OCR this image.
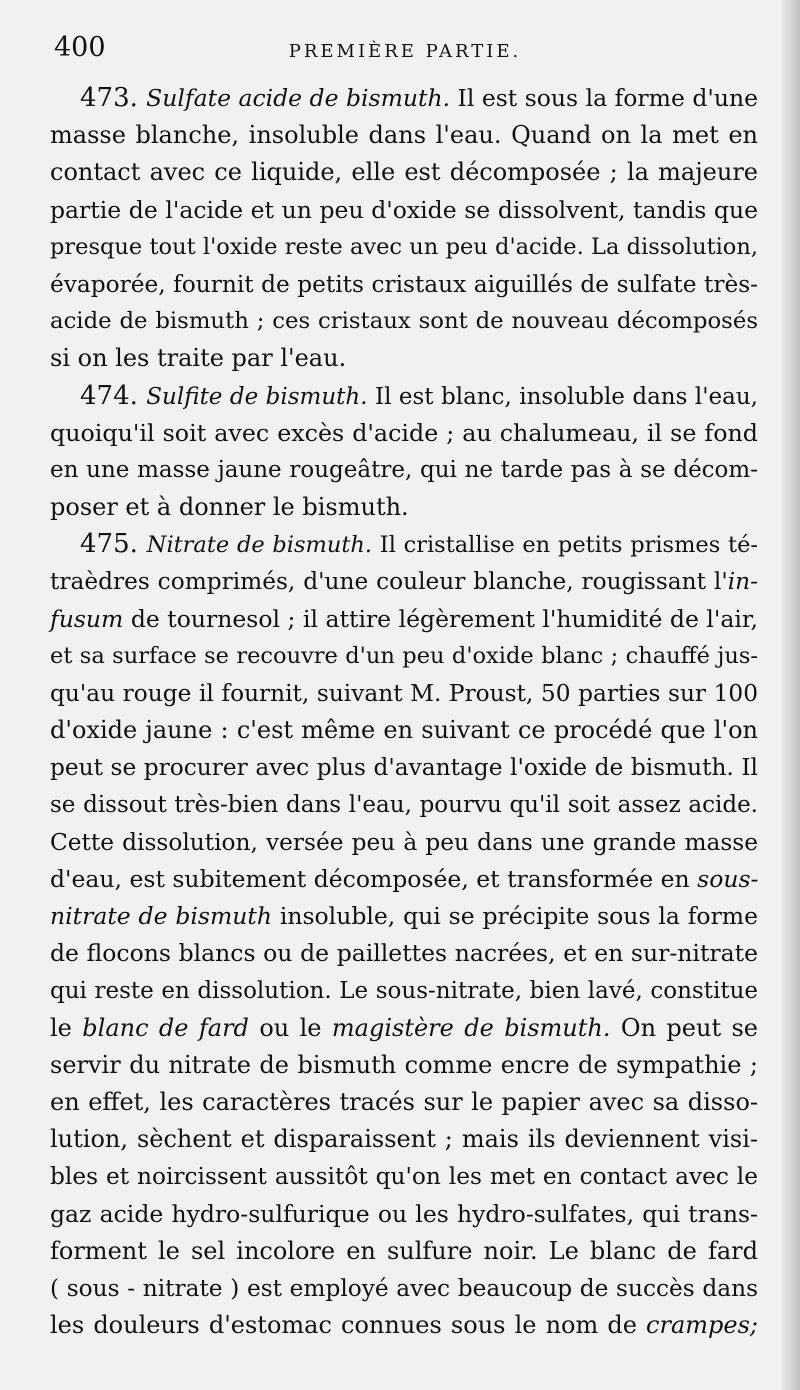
400	PREMIÈRE PARTIE.
473. Sulfate acide de bismuth. Il est sous la forme d'une
masse blanche, insoluble dans l'eau. Quand on la met en
contact avec ce liquide, elle est décomposée ; la majeure
partie de l'acide et un peu d'oxide se dissolvent, tandis que
presque tout l'oxide reste avec un peu d'acide. La dissolution,
évaporée, fournit de petits cristaux aiguillés de sulfate très-
acide de bismuth ; ces cristaux sont de nouveau décomposés
si on les traite par l'eau.
474. Sulfite de bismuth. Il est blanc, insoluble dans l'eau,
quoiqu'il soit avec excès d'acide ; au chalumeau, il se fond
en une masse jaune rougeâtre, qui ne tarde pas à se décom-
poser et à donner le bismuth.
475. Nitrate de bismuth. Il cristallise en petits prismes té-
traèdres comprimés, d'une couleur blanche, rougissant l'in-
fusum de tournesol ; il attire légèrement l'humidité de l'air,
et sa surface se recouvre d'un peu d'oxide blanc ; chauffé jus-
qu'au rouge il fournit, suivant M. Proust, 50 parties sur 100
d'oxide jaune : c'est même en suivant ce procédé que l'on
peut se procurer avec plus d'avantage l'oxide de bismuth. Il
se dissout très-bien dans l'eau, pourvu qu'il soit assez acide.
Cette dissolution, versée peu à peu dans une grande masse
d'eau, est subitement décomposée, et transformée en sous-
nitrate de bismuth insoluble, qui se précipite sous la forme
de flocons blancs ou de paillettes nacrées, et en sur-nitrate
qui reste en dissolution. Le sous-nitrate, bien lavé, constitue
le blanc de fard ou le magistère de bismuth. On peut se
servir du nitrate de bismuth comme encre de sympathie ;
en effet, les caractères tracés sur le papier avec sa disso-
lution, sèchent et disparaissent ; mais ils deviennent visi-
bles et noircissent aussitôt qu'on les met en contact avec le
gaz acide hydro-sulfurique ou les hydro-sulfates, qui trans-
forment le sel incolore en sulfure noir. Le blanc de fard
( sous - nitrate ) est employé avec beaucoup de succès dans
les douleurs d'estomac connues sous le nom de crampes;
